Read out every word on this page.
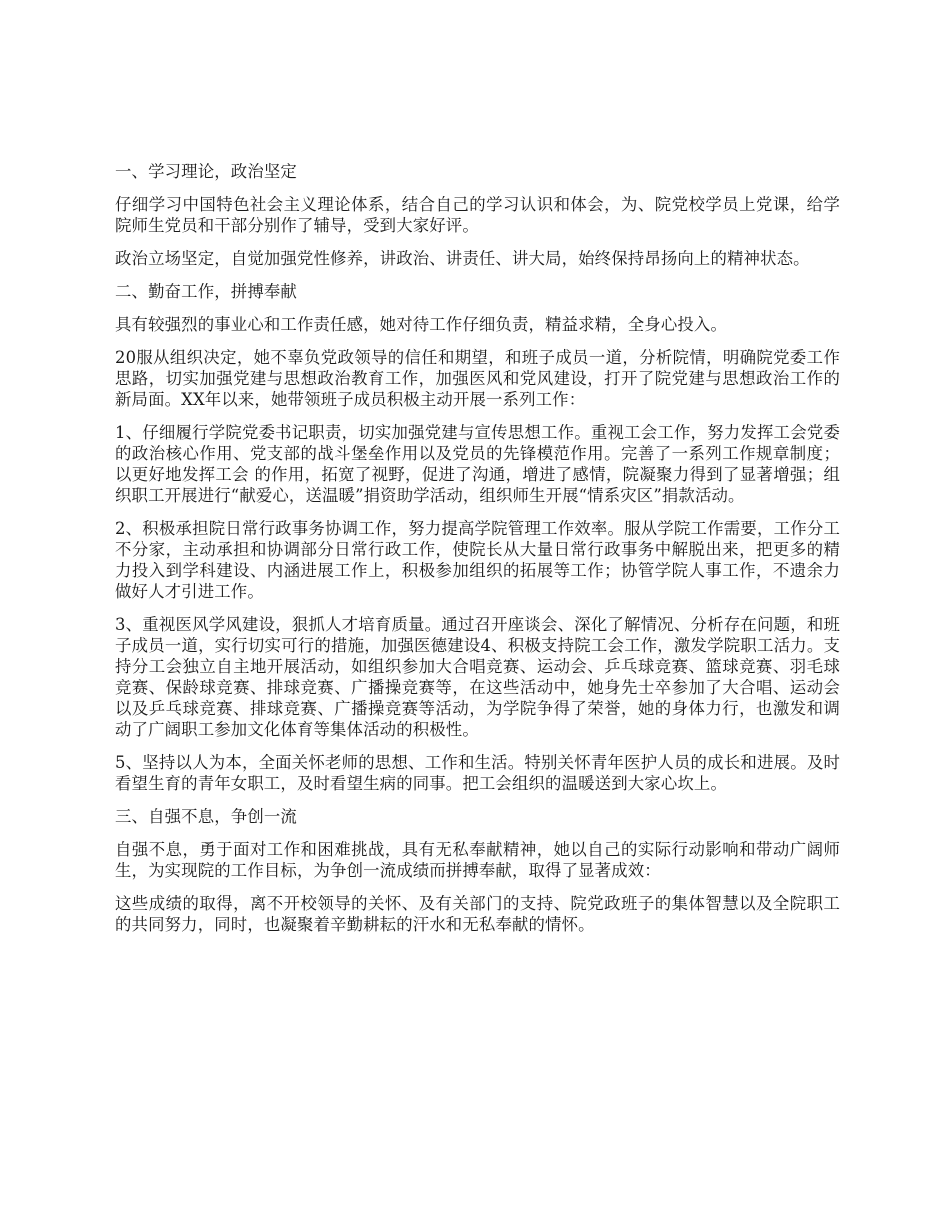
一、学习理论，政治坚定

仔细学习中国特色社会主义理论体系，结合自己的学习认识和体会，为、院党校学员上党课，给学院师生党员和干部分别作了辅导，受到大家好评。

政治立场坚定，自觉加强党性修养，讲政治、讲责任、讲大局，始终保持昂扬向上的精神状态。

二、勤奋工作，拼搏奉献

具有较强烈的事业心和工作责任感，她对待工作仔细负责，精益求精，全身心投入。

20服从组织决定，她不辜负党政领导的信任和期望，和班子成员一道，分析院情，明确院党委工作思路，切实加强党建与思想政治教育工作，加强医风和党风建设，打开了院党建与思想政治工作的新局面。XX年以来，她带领班子成员积极主动开展一系列工作：

1、仔细履行学院党委书记职责，切实加强党建与宣传思想工作。重视工会工作，努力发挥工会党委的政治核心作用、党支部的战斗堡垒作用以及党员的先锋模范作用。完善了一系列工作规章制度；以更好地发挥工会 的作用，拓宽了视野，促进了沟通，增进了感情，院凝聚力得到了显著增强；组织职工开展进行“献爱心，送温暖”捐资助学活动，组织师生开展“情系灾区”捐款活动。

2、积极承担院日常行政事务协调工作，努力提高学院管理工作效率。服从学院工作需要，工作分工不分家，主动承担和协调部分日常行政工作，使院长从大量日常行政事务中解脱出来，把更多的精力投入到学科建设、内涵进展工作上，积极参加组织的拓展等工作；协管学院人事工作，不遗余力做好人才引进工作。

3、重视医风学风建设，狠抓人才培育质量。通过召开座谈会、深化了解情况、分析存在问题，和班子成员一道，实行切实可行的措施，加强医德建设4、积极支持院工会工作，激发学院职工活力。支持分工会独立自主地开展活动，如组织参加大合唱竞赛、运动会、乒乓球竞赛、篮球竞赛、羽毛球竞赛、保龄球竞赛、排球竞赛、广播操竞赛等，在这些活动中，她身先士卒参加了大合唱、运动会以及乒乓球竞赛、排球竞赛、广播操竞赛等活动，为学院争得了荣誉，她的身体力行，也激发和调动了广阔职工参加文化体育等集体活动的积极性。

5、坚持以人为本，全面关怀老师的思想、工作和生活。特别关怀青年医护人员的成长和进展。及时看望生育的青年女职工，及时看望生病的同事。把工会组织的温暖送到大家心坎上。

三、自强不息，争创一流

自强不息，勇于面对工作和困难挑战，具有无私奉献精神，她以自己的实际行动影响和带动广阔师生，为实现院的工作目标，为争创一流成绩而拼搏奉献，取得了显著成效：

这些成绩的取得，离不开校领导的关怀、及有关部门的支持、院党政班子的集体智慧以及全院职工的共同努力，同时，也凝聚着辛勤耕耘的汗水和无私奉献的情怀。
